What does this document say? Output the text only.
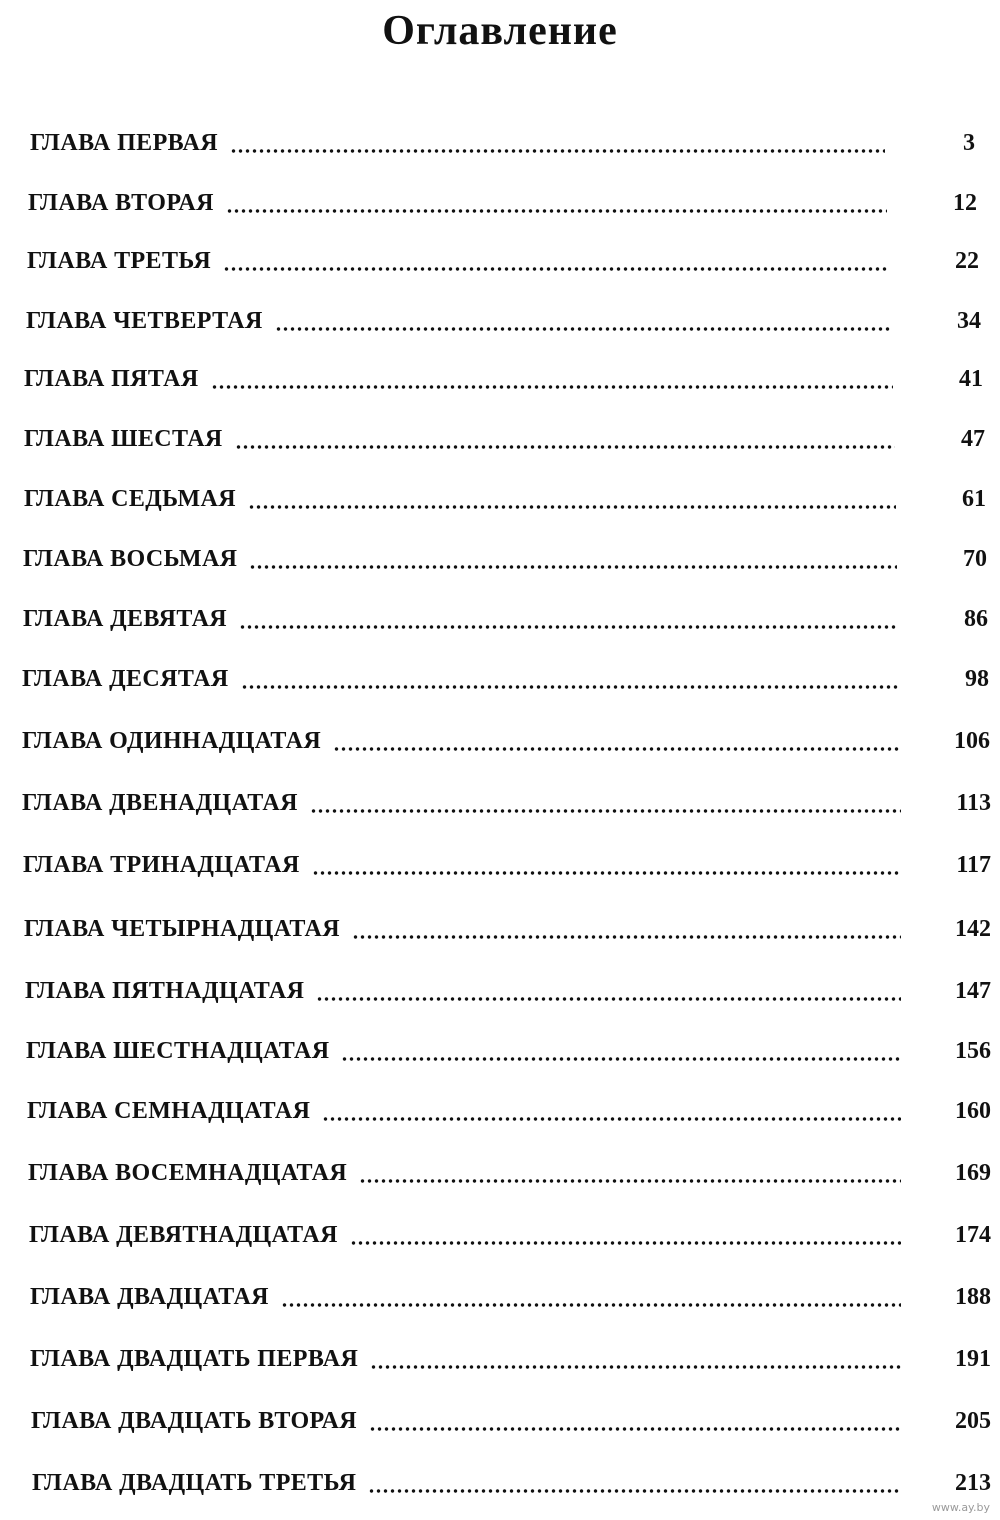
Оглавление
ГЛАВА ПЕРВАЯ	3
ГЛАВА ВТОРАЯ	12
ГЛАВА ТРЕТЬЯ	22
ГЛАВА ЧЕТВЕРТАЯ	34
ГЛАВА ПЯТАЯ	41
ГЛАВА ШЕСТАЯ	47
ГЛАВА СЕДЬМАЯ	61
ГЛАВА ВОСЬМАЯ	70
ГЛАВА ДЕВЯТАЯ	86
ГЛАВА ДЕСЯТАЯ	98
ГЛАВА ОДИННАДЦАТАЯ	106
ГЛАВА ДВЕНАДЦАТАЯ	113
ГЛАВА ТРИНАДЦАТАЯ	117
ГЛАВА ЧЕТЫРНАДЦАТАЯ	142
ГЛАВА ПЯТНАДЦАТАЯ	147
ГЛАВА ШЕСТНАДЦАТАЯ	156
ГЛАВА СЕМНАДЦАТАЯ	160
ГЛАВА ВОСЕМНАДЦАТАЯ	169
ГЛАВА ДЕВЯТНАДЦАТАЯ	174
ГЛАВА ДВАДЦАТАЯ	188
ГЛАВА ДВАДЦАТЬ ПЕРВАЯ	191
ГЛАВА ДВАДЦАТЬ ВТОРАЯ	205
ГЛАВА ДВАДЦАТЬ ТРЕТЬЯ	213
www.ay.by
